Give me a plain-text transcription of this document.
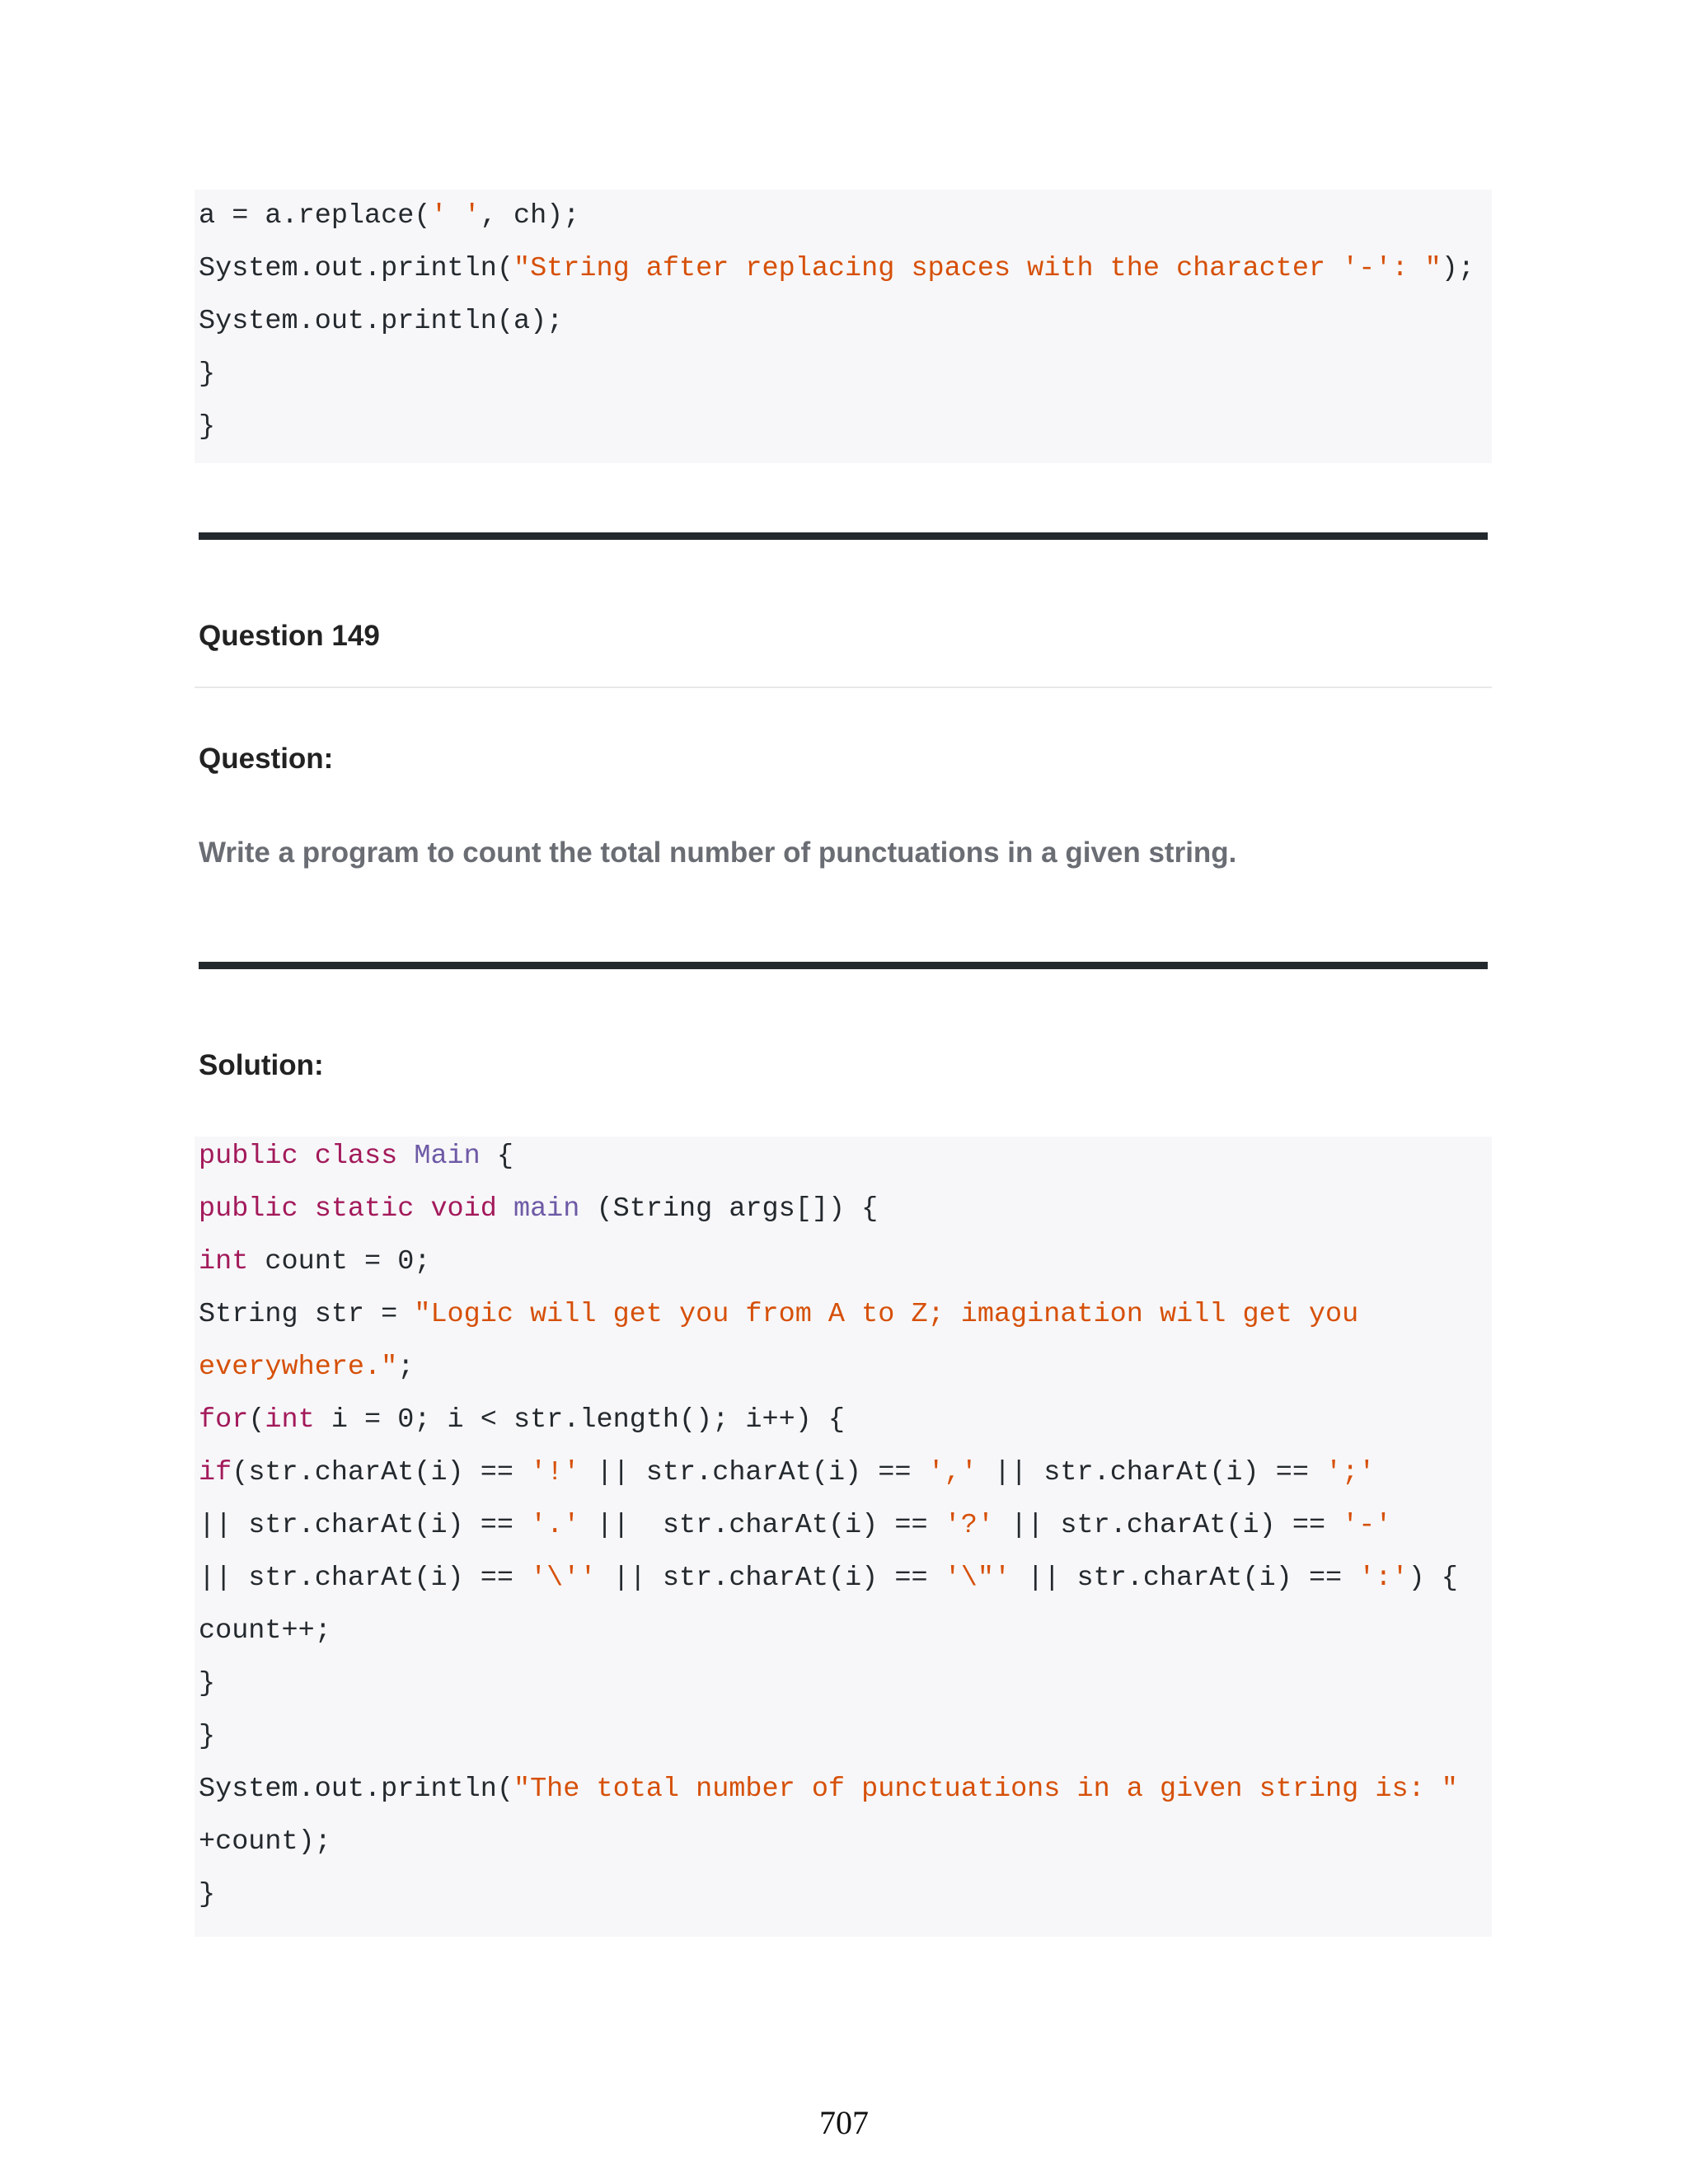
a = a.replace(' ', ch);
System.out.println("String after replacing spaces with the character '-': ");
System.out.println(a);
}
}
Question 149
Question:
Write a program to count the total number of punctuations in a given string.
Solution:
public class Main {
public static void main (String args[]) {
int count = 0;
String str = "Logic will get you from A to Z; imagination will get you
everywhere.";
for(int i = 0; i < str.length(); i++) {
if(str.charAt(i) == '!' || str.charAt(i) == ',' || str.charAt(i) == ';'
|| str.charAt(i) == '.' ||  str.charAt(i) == '?' || str.charAt(i) == '-'
|| str.charAt(i) == '\'' || str.charAt(i) == '\"' || str.charAt(i) == ':') {
count++;
}
}
System.out.println("The total number of punctuations in a given string is: "
+count);
}
707
